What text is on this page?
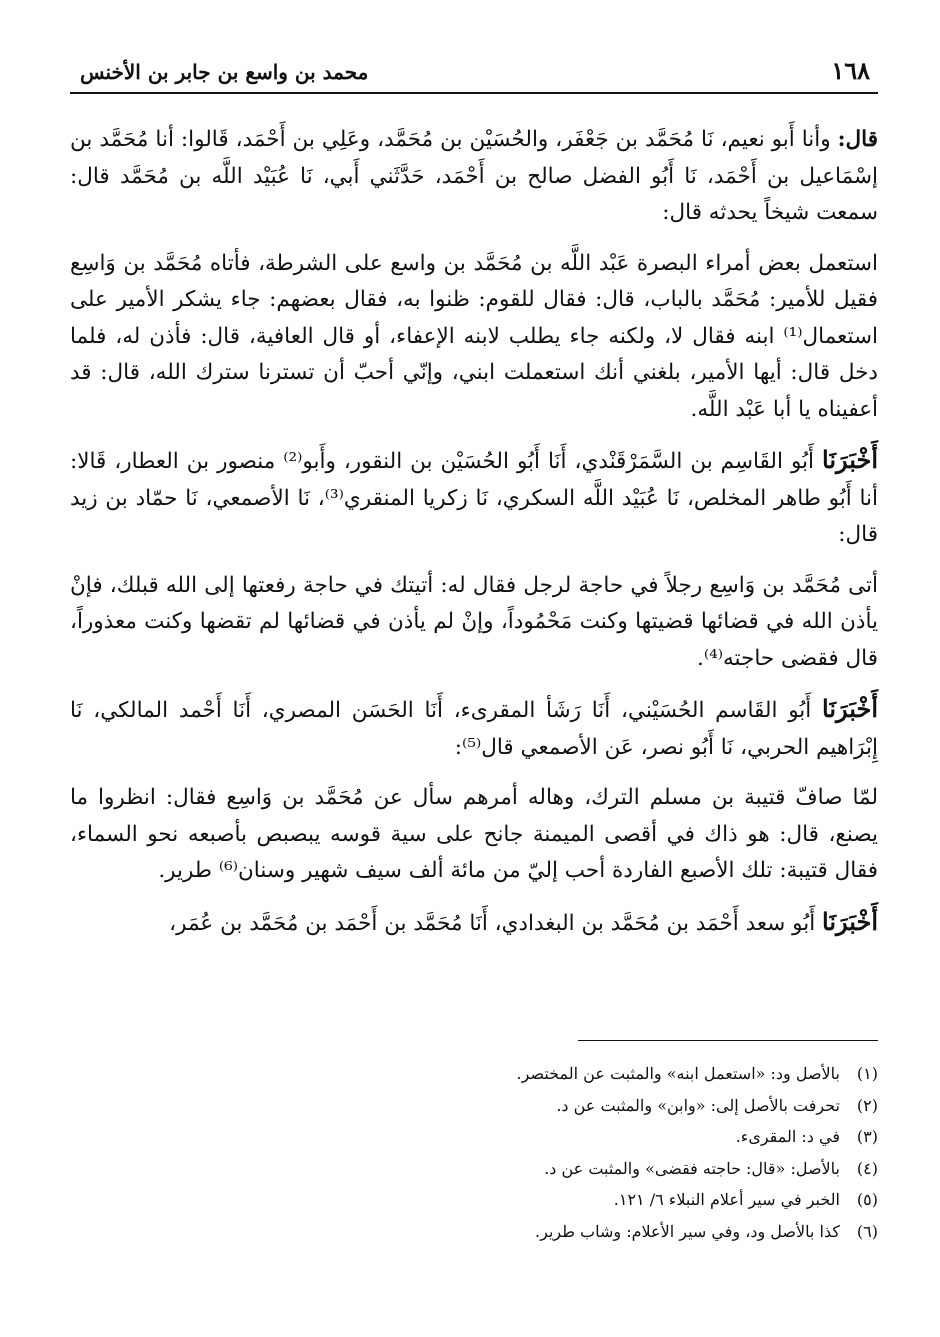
١٦٨
محمد بن واسع بن جابر بن الأخنس

قال: وأنا أَبو نعيم، نَا مُحَمَّد بن جَعْفَر، والحُسَيْن بن مُحَمَّد، وعَلِي بن أَحْمَد، قَالوا: أنا مُحَمَّد بن إسْمَاعيل بن أَحْمَد، نَا أَبُو الفضل صالح بن أَحْمَد، حَدَّثَني أَبي، نَا عُبَيْد اللَّه بن مُحَمَّد قال: سمعت شيخاً يحدثه قال:

استعمل بعض أمراء البصرة عَبْد اللَّه بن مُحَمَّد بن واسع على الشرطة، فأتاه مُحَمَّد بن وَاسِع فقيل للأمير: مُحَمَّد بالباب، قال: فقال للقوم: ظنوا به، فقال بعضهم: جاء يشكر الأمير على استعمال⁽¹⁾ ابنه فقال لا، ولكنه جاء يطلب لابنه الإعفاء، أو قال العافية، قال: فأذن له، فلما دخل قال: أيها الأمير، بلغني أنك استعملت ابني، وإنّي أحبّ أن تسترنا سترك الله، قال: قد أعفيناه يا أبا عَبْد اللَّه.

أَخْبَرَنَا أَبُو القَاسِم بن السَّمَرْقَنْدي، أَنَا أَبُو الحُسَيْن بن النقور، وأَبو⁽²⁾ منصور بن العطار، قَالا: أنا أَبُو طاهر المخلص، نَا عُبَيْد اللَّه السكري، نَا زكريا المنقري⁽³⁾، نَا الأصمعي، نَا حمّاد بن زيد قال:

أتى مُحَمَّد بن وَاسِع رجلاً في حاجة لرجل فقال له: أتيتك في حاجة رفعتها إلى الله قبلك، فإنْ يأذن الله في قضائها قضيتها وكنت مَحْمُوداً، وإنْ لم يأذن في قضائها لم تقضها وكنت معذوراً، قال فقضى حاجته⁽⁴⁾.

أَخْبَرَنَا أَبُو القَاسم الحُسَيْني، أَنَا رَشَأ المقرىء، أَنَا الحَسَن المصري، أَنَا أَحْمد المالكي، نَا إِبْرَاهيم الحربي، نَا أَبُو نصر، عَن الأصمعي قال⁽⁵⁾:

لمّا صافّ قتيبة بن مسلم الترك، وهاله أمرهم سأل عن مُحَمَّد بن وَاسِع فقال: انظروا ما يصنع، قال: هو ذاك في أقصى الميمنة جانح على سية قوسه يبصبص بأصبعه نحو السماء، فقال قتيبة: تلك الأصبع الفاردة أحب إليّ من مائة ألف سيف شهير وسنان⁽⁶⁾ طرير.

أَخْبَرَنَا أَبُو سعد أَحْمَد بن مُحَمَّد بن البغدادي، أَنَا مُحَمَّد بن أَحْمَد بن مُحَمَّد بن عُمَر،

(١)
بالأصل ود: «استعمل ابنه» والمثبت عن المختصر.
(٢)
تحرفت بالأصل إلى: «وابن» والمثبت عن د.
(٣)
في د: المقرىء.
(٤)
بالأصل: «قال: حاجته فقضى» والمثبت عن د.
(٥)
الخبر في سير أعلام النبلاء ٦/ ١٢١.
(٦)
كذا بالأصل ود، وفي سير الأعلام: وشاب طرير.
